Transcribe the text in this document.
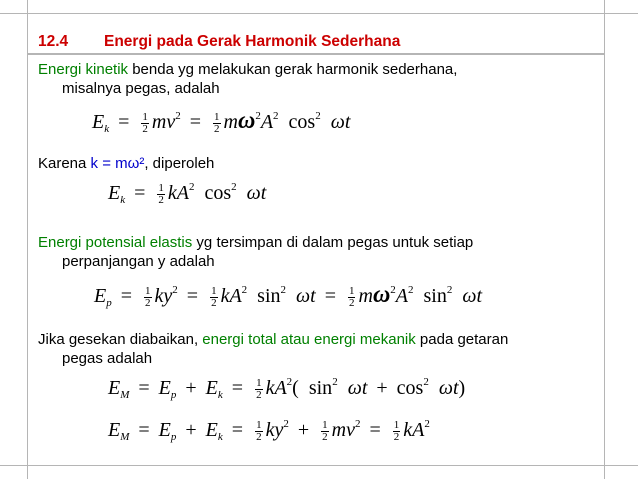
12.4 Energi pada Gerak Harmonik Sederhana
Energi kinetik benda yg melakukan gerak harmonik sederhana,
misalnya pegas, adalah
$E_k = \frac{1}{2} mv^2 = \frac{1}{2} m\omega^2A^2$ $\cos^2 \omega t$
Karena k = mω², diperoleh
$E_k = \frac{1}{2} kA^2$ $\cos^2 \omega t$
Energi potensial elastis yg tersimpan di dalam pegas untuk setiap
perpanjangan y adalah
$E_p = \frac{1}{2} ky^2 = \frac{1}{2} kA^2$ $\sin^2 \omega t = \frac{1}{2} m\omega^2A^2$ $\sin^2 \omega t$
Jika gesekan diabaikan, energi total atau energi mekanik pada getaran
pegas adalah
$E_M = E_p + E_k = \frac{1}{2} kA^2$( $\sin^2 \omega t + \cos^2 \omega t$)
$E_M = E_p + E_k = \frac{1}{2} ky^2 + \frac{1}{2} mv^2 = \frac{1}{2} kA^2$
